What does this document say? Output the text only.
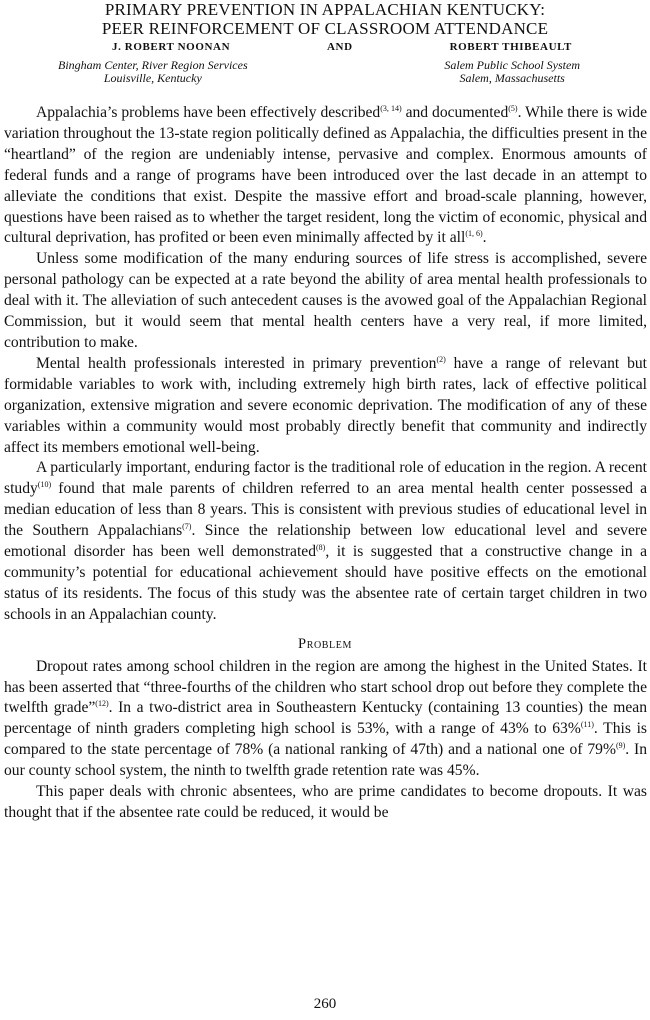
PRIMARY PREVENTION IN APPALACHIAN KENTUCKY:
PEER REINFORCEMENT OF CLASSROOM ATTENDANCE
J. ROBERT NOONAN	AND	ROBERT THIBEAULT
Bingham Center, River Region Services
Louisville, Kentucky
Salem Public School System
Salem, Massachusetts

Appalachia’s problems have been effectively described$^{(3, 14)}$ and documented$^{(5)}$. While there is wide variation throughout the 13-state region politically defined as Appalachia, the difficulties present in the “heartland” of the region are undeniably intense, pervasive and complex. Enormous amounts of federal funds and a range of programs have been introduced over the last decade in an attempt to alleviate the conditions that exist. Despite the massive effort and broad-scale planning, however, questions have been raised as to whether the target resident, long the victim of economic, physical and cultural deprivation, has profited or been even minimally affected by it all$^{(1, 6)}$.

Unless some modification of the many enduring sources of life stress is accomplished, severe personal pathology can be expected at a rate beyond the ability of area mental health professionals to deal with it. The alleviation of such antecedent causes is the avowed goal of the Appalachian Regional Commission, but it would seem that mental health centers have a very real, if more limited, contribution to make.

Mental health professionals interested in primary prevention$^{(2)}$ have a range of relevant but formidable variables to work with, including extremely high birth rates, lack of effective political organization, extensive migration and severe economic deprivation. The modification of any of these variables within a community would most probably directly benefit that community and indirectly affect its members emotional well-being.

A particularly important, enduring factor is the traditional role of education in the region. A recent study$^{(10)}$ found that male parents of children referred to an area mental health center possessed a median education of less than 8 years. This is consistent with previous studies of educational level in the Southern Appalachians$^{(7)}$. Since the relationship between low educational level and severe emotional disorder has been well demonstrated$^{(8)}$, it is suggested that a constructive change in a community’s potential for educational achievement should have positive effects on the emotional status of its residents. The focus of this study was the absentee rate of certain target children in two schools in an Appalachian county.

Problem

Dropout rates among school children in the region are among the highest in the United States. It has been asserted that “three-fourths of the children who start school drop out before they complete the twelfth grade”$^{(12)}$. In a two-district area in Southeastern Kentucky (containing 13 counties) the mean percentage of ninth graders completing high school is 53%, with a range of 43% to 63%$^{(11)}$. This is compared to the state percentage of 78% (a national ranking of 47th) and a national one of 79%$^{(9)}$. In our county school system, the ninth to twelfth grade retention rate was 45%.

This paper deals with chronic absentees, who are prime candidates to become dropouts. It was thought that if the absentee rate could be reduced, it would be

260
